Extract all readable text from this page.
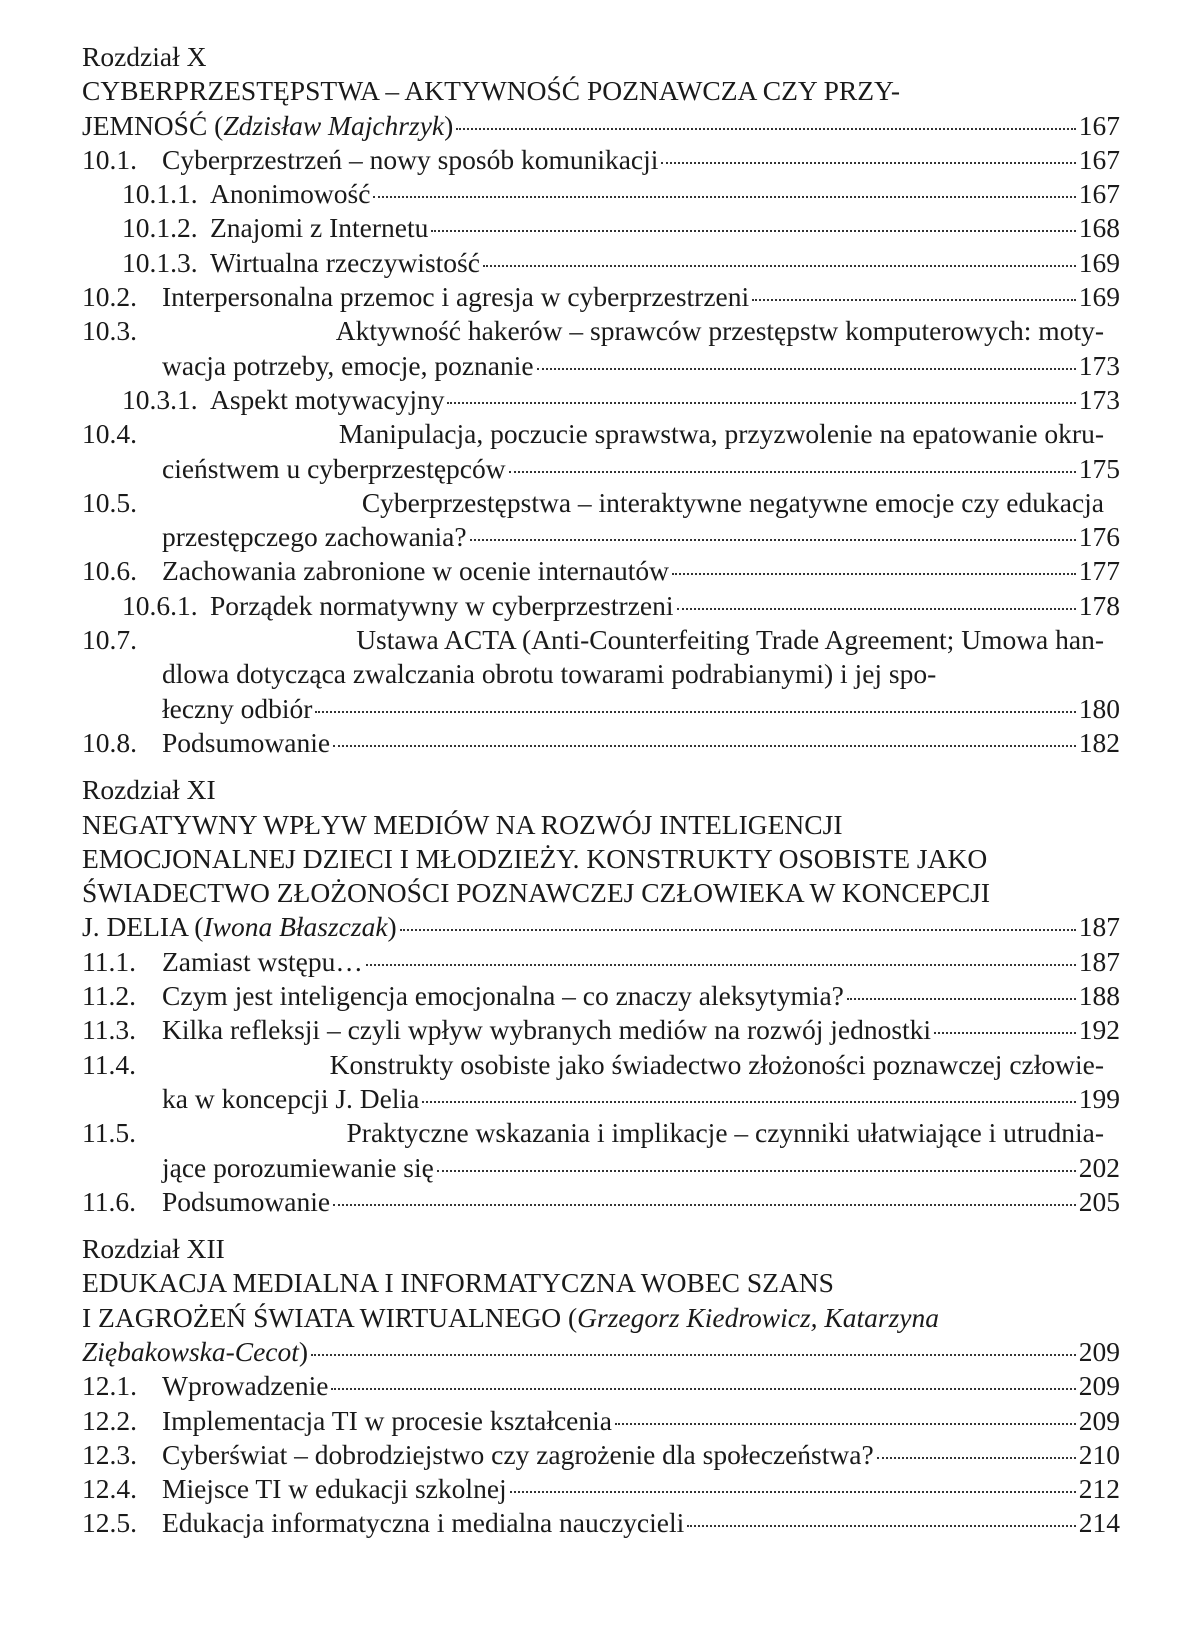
Rozdział X
CYBERPRZESTĘPSTWA – AKTYWNOŚĆ POZNAWCZA CZY PRZY-
JEMNOŚĆ ( Zdzisław Majchrzyk )	167
10.1. Cyberprzestrzeń – nowy sposób komunikacji	167
10.1.1. Anonimowość	167
10.1.2. Znajomi z Internetu	168
10.1.3. Wirtualna rzeczywistość	169
10.2. Interpersonalna przemoc i agresja w cyberprzestrzeni	169
10.3.	Aktywność hakerów – sprawców przestępstw komputerowych: moty-
wacja potrzeby, emocje, poznanie	173
10.3.1. Aspekt motywacyjny	173
10.4.	Manipulacja, poczucie sprawstwa, przyzwolenie na epatowanie okru-
cieństwem u cyberprzestępców	175
10.5.	Cyberprzestępstwa – interaktywne negatywne emocje czy edukacja
przestępczego zachowania?	176
10.6. Zachowania zabronione w ocenie internautów	177
10.6.1. Porządek normatywny w cyberprzestrzeni	178
10.7.	Ustawa ACTA (Anti-Counterfeiting Trade Agreement; Umowa han-
dlowa dotycząca zwalczania obrotu towarami podrabianymi) i jej spo-
łeczny odbiór	180
10.8. Podsumowanie	182
Rozdział XI
NEGATYWNY WPŁYW MEDIÓW NA ROZWÓJ INTELIGENCJI
EMOCJONALNEJ DZIECI I MŁODZIEŻY. KONSTRUKTY OSOBISTE JAKO
ŚWIADECTWO ZŁOŻONOŚCI POZNAWCZEJ CZŁOWIEKA W KONCEPCJI
J. DELIA ( Iwona Błaszczak )	187
11.1. Zamiast wstępu…	187
11.2. Czym jest inteligencja emocjonalna – co znaczy aleksytymia?	188
11.3. Kilka refleksji – czyli wpływ wybranych mediów na rozwój jednostki	192
11.4.	Konstrukty osobiste jako świadectwo złożoności poznawczej człowie-
ka w koncepcji J. Delia	199
11.5.	Praktyczne wskazania i implikacje – czynniki ułatwiające i utrudnia-
jące porozumiewanie się	202
11.6. Podsumowanie	205
Rozdział XII
EDUKACJA MEDIALNA I INFORMATYCZNA WOBEC SZANS
I ZAGROŻEŃ ŚWIATA WIRTUALNEGO ( Grzegorz Kiedrowicz, Katarzyna
Ziębakowska-Cecot )	209
12.1. Wprowadzenie	209
12.2. Implementacja TI w procesie kształcenia	209
12.3. Cyberświat – dobrodziejstwo czy zagrożenie dla społeczeństwa?	210
12.4. Miejsce TI w edukacji szkolnej	212
12.5. Edukacja informatyczna i medialna nauczycieli	214
